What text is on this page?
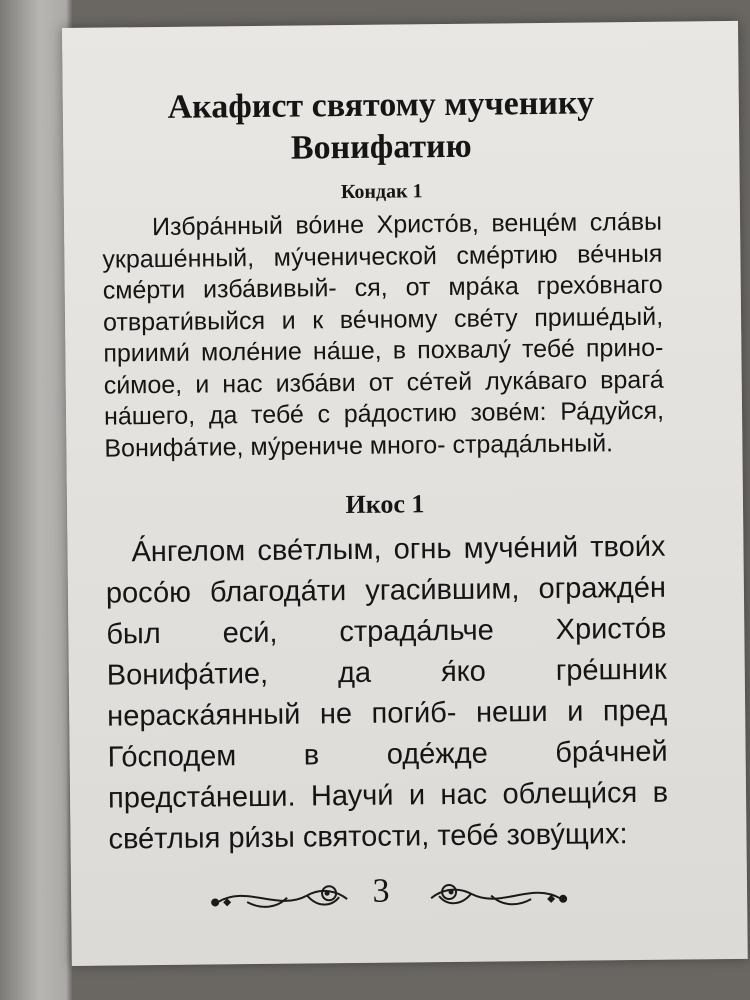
Акафист святому мученику Вонифатию
Кондак 1

Избра́нный во́ине Христо́в, венце́м сла́вы украше́нный, му́ченической сме́ртию ве́чныя сме́рти изба́вивый- ся, от мра́ка грехо́внаго отврати́выйся и к ве́чному све́ту прише́дый, приими́ моле́ние на́ше, в похвалу́ тебе́ прино- си́мое, и нас изба́ви от се́тей лука́ваго врага́ на́шего, да тебе́ с ра́достию зове́м: Ра́дуйся, Вонифа́тие, му́рениче много- страда́льный.

Икос 1

А́нгелом све́тлым, огнь муче́ний твои́х росо́ю благода́ти угаси́вшим, огражде́н был еси́, страда́льче Христо́в Вонифа́тие, да я́ко гре́шник нераска́янный не поги́б- неши и пред Го́сподем в оде́жде бра́чней предста́неши. Научи́ и нас облещи́ся в све́тлыя ри́зы святости, тебе́ зову́щих:

3
